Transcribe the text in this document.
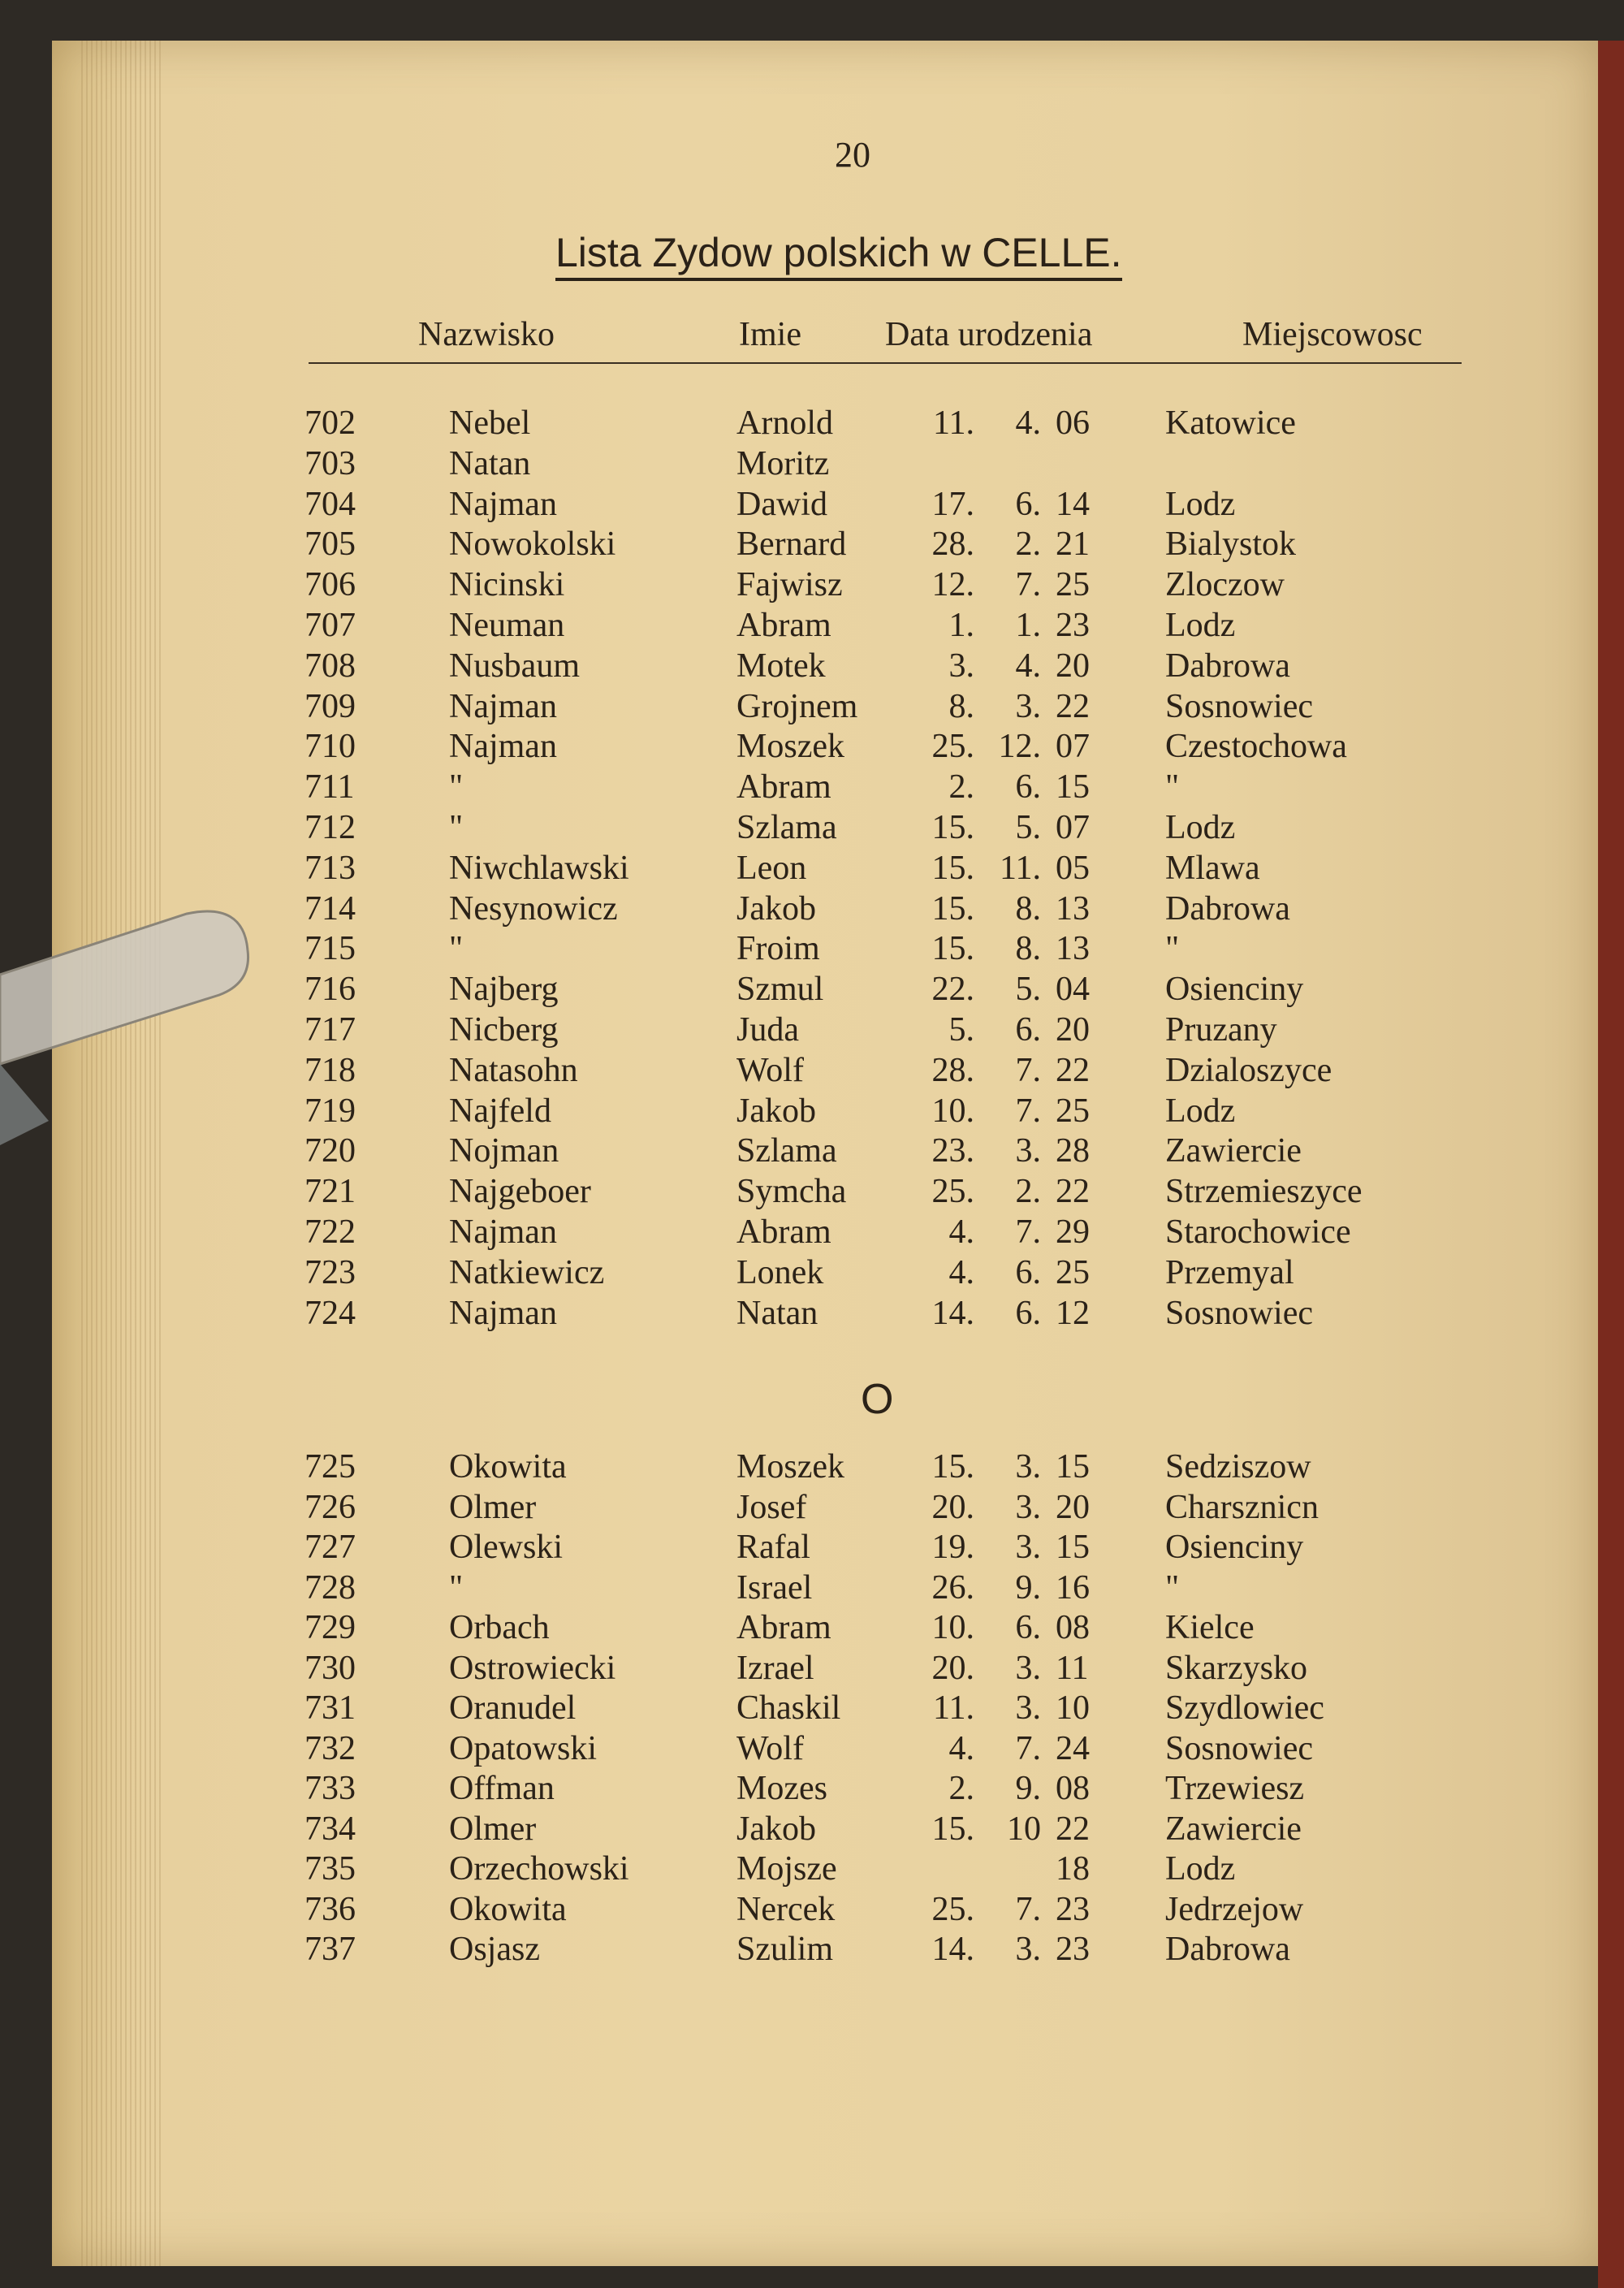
20
Lista Zydow polskich w CELLE.
Nazwisko	Imie Data urodzenia	Miejscowosc
702	Nebel	Arnold	11.	4. 06 Katowice
703	Natan	Moritz
704	Najman	Dawid	17.	6. 14 Lodz
705	Nowokolski	Bernard	28.	2. 21 Bialystok
706	Nicinski	Fajwisz	12.	7. 25 Zloczow
707	Neuman	Abram	1.	1. 23 Lodz
708	Nusbaum	Motek	3.	4. 20 Dabrowa
709	Najman	Grojnem	8.	3. 22 Sosnowiec
710	Najman	Moszek	25. 12. 07 Czestochowa
711	"	Abram	2.	6. 15 "
712	"	Szlama	15.	5. 07 Lodz
713	Niwchlawski	Leon	15. 11. 05 Mlawa
714	Nesynowicz	Jakob	15.	8. 13 Dabrowa
715	"	Froim	15.	8. 13 "
716	Najberg	Szmul	22.	5. 04 Osienciny
717	Nicberg	Juda	5.	6. 20 Pruzany
718	Natasohn	Wolf	28.	7. 22 Dzialoszyce
719	Najfeld	Jakob	10.	7. 25 Lodz
720	Nojman	Szlama	23.	3. 28 Zawiercie
721	Najgeboer	Symcha	25.	2. 22 Strzemieszyce
722	Najman	Abram	4.	7. 29 Starochowice
723	Natkiewicz	Lonek	4.	6. 25 Przemyal
724	Najman	Natan	14.	6. 12 Sosnowiec
O
725	Okowita	Moszek	15.	3. 15 Sedziszow
726	Olmer	Josef	20.	3. 20 Charsznicn
727	Olewski	Rafal	19.	3. 15 Osienciny
728	"	Israel	26.	9. 16 "
729	Orbach	Abram	10.	6. 08 Kielce
730	Ostrowiecki	Izrael	20.	3. 11 Skarzysko
731	Oranudel	Chaskil	11.	3. 10 Szydlowiec
732	Opatowski	Wolf	4.	7. 24 Sosnowiec
733	Offman	Mozes	2.	9. 08 Trzewiesz
734	Olmer	Jakob	15. 10 22 Zawiercie
735	Orzechowski	Mojsze	18 Lodz
736	Okowita	Nercek	25.	7. 23 Jedrzejow
737	Osjasz	Szulim	14.	3. 23 Dabrowa
